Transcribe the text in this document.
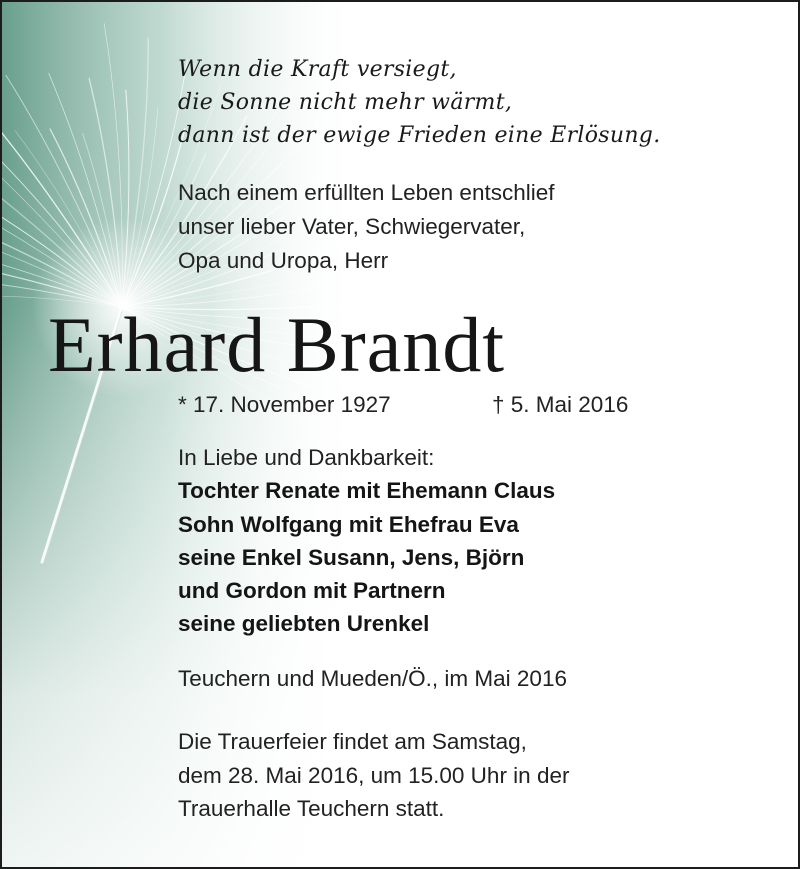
Wenn die Kraft versiegt,
die Sonne nicht mehr wärmt,
dann ist der ewige Frieden eine Erlösung.
Nach einem erfüllten Leben entschlief
unser lieber Vater, Schwiegervater,
Opa und Uropa, Herr
Erhard Brandt
* 17. November 1927	† 5. Mai 2016
In Liebe und Dankbarkeit:
Tochter Renate mit Ehemann Claus
Sohn Wolfgang mit Ehefrau Eva
seine Enkel Susann, Jens, Björn
und Gordon mit Partnern
seine geliebten Urenkel
Teuchern und Mueden/Ö., im Mai 2016
Die Trauerfeier findet am Samstag,
dem 28. Mai 2016, um 15.00 Uhr in der
Trauerhalle Teuchern statt.
